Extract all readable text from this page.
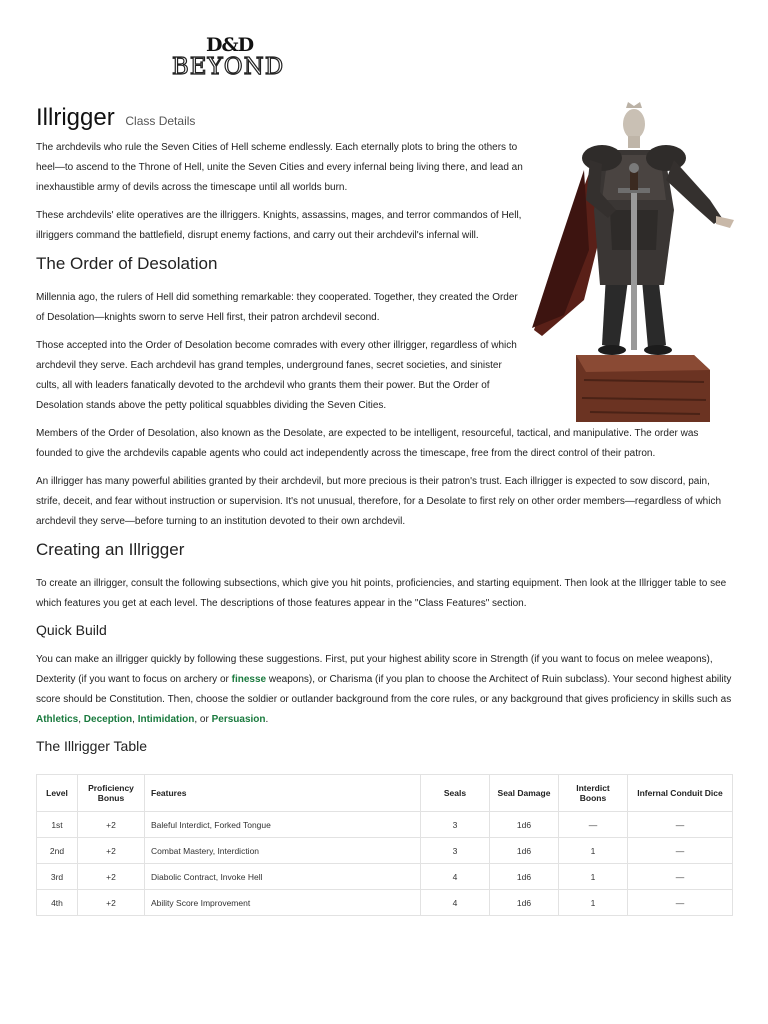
D&D
BEYOND
Illrigger Class Details

The archdevils who rule the Seven Cities of Hell scheme endlessly. Each eternally plots to bring the others to heel—to ascend to the Throne of Hell, unite the Seven Cities and every infernal being living there, and lead an inexhaustible army of devils across the timescape until all worlds burn.

These archdevils' elite operatives are the illriggers. Knights, assassins, mages, and terror commandos of Hell, illriggers command the battlefield, disrupt enemy factions, and carry out their archdevil's infernal will.

The Order of Desolation

Millennia ago, the rulers of Hell did something remarkable: they cooperated. Together, they created the Order of Desolation—knights sworn to serve Hell first, their patron archdevil second.

Those accepted into the Order of Desolation become comrades with every other illrigger, regardless of which archdevil they serve. Each archdevil has grand temples, underground fanes, secret societies, and sinister cults, all with leaders fanatically devoted to the archdevil who grants them their power. But the Order of Desolation stands above the petty political squabbles dividing the Seven Cities.

Members of the Order of Desolation, also known as the Desolate, are expected to be intelligent, resourceful, tactical, and manipulative. The order was founded to give the archdevils capable agents who could act independently across the timescape, free from the direct control of their patron.

An illrigger has many powerful abilities granted by their archdevil, but more precious is their patron's trust. Each illrigger is expected to sow discord, pain, strife, deceit, and fear without instruction or supervision. It's not unusual, therefore, for a Desolate to first rely on other order members—regardless of which archdevil they serve—before turning to an institution devoted to their own archdevil.

Creating an Illrigger

To create an illrigger, consult the following subsections, which give you hit points, proficiencies, and starting equipment. Then look at the Illrigger table to see which features you get at each level. The descriptions of those features appear in the "Class Features" section.

Quick Build

You can make an illrigger quickly by following these suggestions. First, put your highest ability score in Strength (if you want to focus on melee weapons), Dexterity (if you want to focus on archery or finesse weapons), or Charisma (if you plan to choose the Architect of Ruin subclass). Your second highest ability score should be Constitution. Then, choose the soldier or outlander background from the core rules, or any background that gives proficiency in skills such as Athletics, Deception, Intimidation, or Persuasion.

The Illrigger Table
Level	Proficiency Bonus	Features	Seals	Seal Damage	Interdict Boons	Infernal Conduit Dice
1st	+2	Baleful Interdict, Forked Tongue	3	1d6	—	—
2nd	+2	Combat Mastery, Interdiction	3	1d6	1	—
3rd	+2	Diabolic Contract, Invoke Hell	4	1d6	1	—
4th	+2	Ability Score Improvement	4	1d6	1	—
